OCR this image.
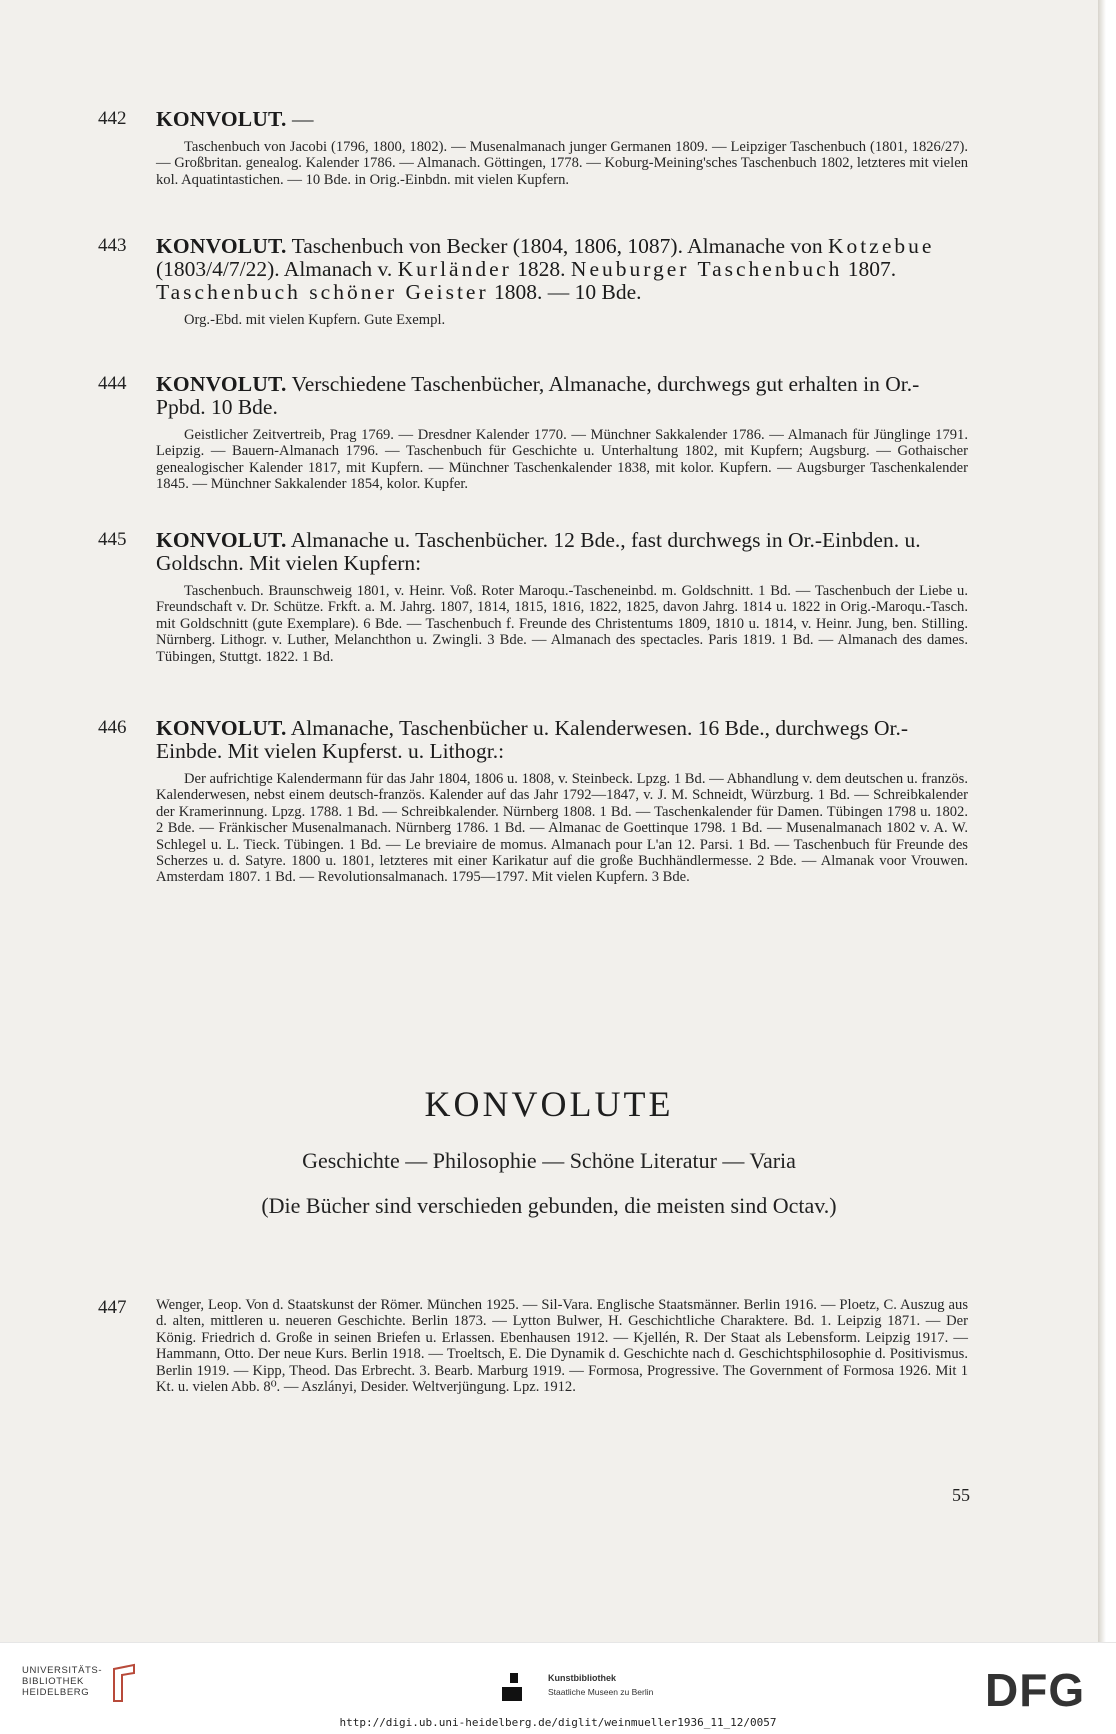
442	KONVOLUT. —
Taschenbuch von Jacobi (1796, 1800, 1802). — Musenalmanach junger Germanen 1809. — Leipziger Taschenbuch (1801, 1826/27). — Großbritan. genealog. Kalender 1786. — Almanach. Göttingen, 1778. — Koburg-Meining'sches Taschenbuch 1802, letzteres mit vielen kol. Aquatintastichen. — 10 Bde. in Orig.-Einbdn. mit vielen Kupfern.
443	KONVOLUT. Taschenbuch von Becker (1804, 1806, 1087). Almanache von Kotzebue (1803/4/7/22). Almanach v. Kurländer 1828. Neuburger Taschenbuch 1807. Taschenbuch schöner Geister 1808. — 10 Bde.
Org.-Ebd. mit vielen Kupfern. Gute Exempl.
444	KONVOLUT. Verschiedene Taschenbücher, Almanache, durchwegs gut erhalten in Or.-Ppbd. 10 Bde.
Geistlicher Zeitvertreib, Prag 1769. — Dresdner Kalender 1770. — Münchner Sakkalender 1786. — Almanach für Jünglinge 1791. Leipzig. — Bauern-Almanach 1796. — Taschenbuch für Geschichte u. Unterhaltung 1802, mit Kupfern; Augsburg. — Gothaischer genealogischer Kalender 1817, mit Kupfern. — Münchner Taschenkalender 1838, mit kolor. Kupfern. — Augsburger Taschenkalender 1845. — Münchner Sakkalender 1854, kolor. Kupfer.
445	KONVOLUT. Almanache u. Taschenbücher. 12 Bde., fast durchwegs in Or.-Einbden. u. Goldschn. Mit vielen Kupfern:
Taschenbuch. Braunschweig 1801, v. Heinr. Voß. Roter Maroqu.-Tascheneinbd. m. Goldschnitt. 1 Bd. — Taschenbuch der Liebe u. Freundschaft v. Dr. Schütze. Frkft. a. M. Jahrg. 1807, 1814, 1815, 1816, 1822, 1825, davon Jahrg. 1814 u. 1822 in Orig.-Maroqu.-Tasch. mit Goldschnitt (gute Exemplare). 6 Bde. — Taschenbuch f. Freunde des Christentums 1809, 1810 u. 1814, v. Heinr. Jung, ben. Stilling. Nürnberg. Lithogr. v. Luther, Melanchthon u. Zwingli. 3 Bde. — Almanach des spectacles. Paris 1819. 1 Bd. — Almanach des dames. Tübingen, Stuttgt. 1822. 1 Bd.
446	KONVOLUT. Almanache, Taschenbücher u. Kalenderwesen. 16 Bde., durchwegs Or.-Einbde. Mit vielen Kupferst. u. Lithogr.:
Der aufrichtige Kalendermann für das Jahr 1804, 1806 u. 1808, v. Steinbeck. Lpzg. 1 Bd. — Abhandlung v. dem deutschen u. französ. Kalenderwesen, nebst einem deutsch-französ. Kalender auf das Jahr 1792—1847, v. J. M. Schneidt, Würzburg. 1 Bd. — Schreibkalender der Kramerinnung. Lpzg. 1788. 1 Bd. — Schreibkalender. Nürnberg 1808. 1 Bd. — Taschenkalender für Damen. Tübingen 1798 u. 1802. 2 Bde. — Fränkischer Musenalmanach. Nürnberg 1786. 1 Bd. — Almanac de Goettinque 1798. 1 Bd. — Musenalmanach 1802 v. A. W. Schlegel u. L. Tieck. Tübingen. 1 Bd. — Le breviaire de momus. Almanach pour L'an 12. Parsi. 1 Bd. — Taschenbuch für Freunde des Scherzes u. d. Satyre. 1800 u. 1801, letzteres mit einer Karikatur auf die große Buchhändlermesse. 2 Bde. — Almanak voor Vrouwen. Amsterdam 1807. 1 Bd. — Revolutionsalmanach. 1795—1797. Mit vielen Kupfern. 3 Bde.
KONVOLUTE
Geschichte — Philosophie — Schöne Literatur — Varia
(Die Bücher sind verschieden gebunden, die meisten sind Octav.)
447	Wenger, Leop. Von d. Staatskunst der Römer. München 1925. — Sil-Vara. Englische Staatsmänner. Berlin 1916. — Ploetz, C. Auszug aus d. alten, mittleren u. neueren Geschichte. Berlin 1873. — Lytton Bulwer, H. Geschichtliche Charaktere. Bd. 1. Leipzig 1871. — Der König. Friedrich d. Große in seinen Briefen u. Erlassen. Ebenhausen 1912. — Kjellén, R. Der Staat als Lebensform. Leipzig 1917. — Hammann, Otto. Der neue Kurs. Berlin 1918. — Troeltsch, E. Die Dynamik d. Geschichte nach d. Geschichtsphilosophie d. Positivismus. Berlin 1919. — Kipp, Theod. Das Erbrecht. 3. Bearb. Marburg 1919. — Formosa, Progressive. The Government of Formosa 1926. Mit 1 Kt. u. vielen Abb. 8⁰. — Aszlányi, Desider. Weltverjüngung. Lpz. 1912.
55
UNIVERSITÄTS-
BIBLIOTHEK
HEIDELBERG
Kunstbibliothek
Staatliche Museen zu Berlin	DFG
http://digi.ub.uni-heidelberg.de/diglit/weinmueller1936_11_12/0057
